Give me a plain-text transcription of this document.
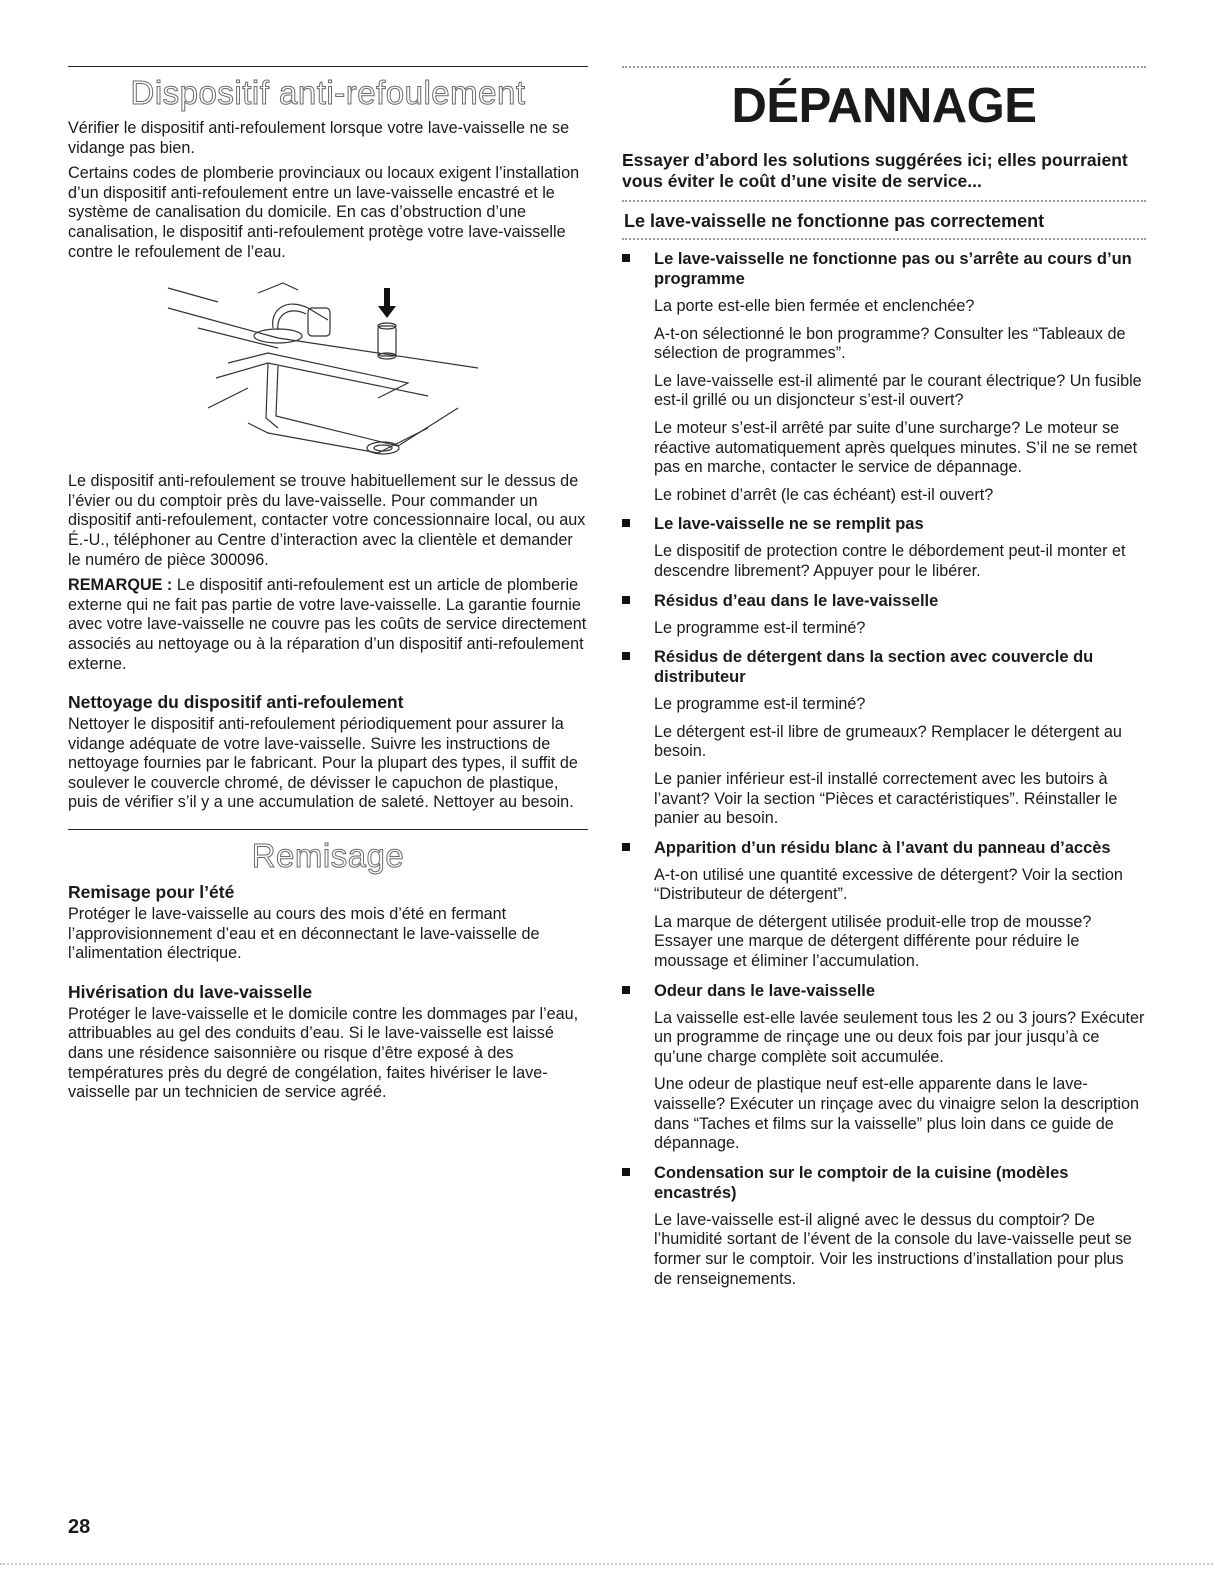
Dispositif anti-refoulement

Vérifier le dispositif anti-refoulement lorsque votre lave-vaisselle ne se vidange pas bien.

Certains codes de plomberie provinciaux ou locaux exigent l’installation d’un dispositif anti-refoulement entre un lave-vaisselle encastré et le système de canalisation du domicile. En cas d’obstruction d’une canalisation, le dispositif anti-refoulement protège votre lave-vaisselle contre le refoulement de l’eau.

Le dispositif anti-refoulement se trouve habituellement sur le dessus de l’évier ou du comptoir près du lave-vaisselle. Pour commander un dispositif anti-refoulement, contacter votre concessionnaire local, ou aux É.-U., téléphoner au Centre d’interaction avec la clientèle et demander le numéro de pièce 300096.

REMARQUE : Le dispositif anti-refoulement est un article de plomberie externe qui ne fait pas partie de votre lave-vaisselle. La garantie fournie avec votre lave-vaisselle ne couvre pas les coûts de service directement associés au nettoyage ou à la réparation d’un dispositif anti-refoulement externe.

Nettoyage du dispositif anti-refoulement

Nettoyer le dispositif anti-refoulement périodiquement pour assurer la vidange adéquate de votre lave-vaisselle. Suivre les instructions de nettoyage fournies par le fabricant. Pour la plupart des types, il suffit de soulever le couvercle chromé, de dévisser le capuchon de plastique, puis de vérifier s’il y a une accumulation de saleté. Nettoyer au besoin.

Remisage
Remisage pour l’été

Protéger le lave-vaisselle au cours des mois d’été en fermant l’approvisionnement d’eau et en déconnectant le lave-vaisselle de l’alimentation électrique.

Hivérisation du lave-vaisselle

Protéger le lave-vaisselle et le domicile contre les dommages par l’eau, attribuables au gel des conduits d’eau. Si le lave-vaisselle est laissé dans une résidence saisonnière ou risque d’être exposé à des températures près du degré de congélation, faites hivériser le lave-vaisselle par un technicien de service agréé.

DÉPANNAGE
Essayer d’abord les solutions suggérées ici; elles pourraient vous éviter le coût d’une visite de service...
Le lave-vaisselle ne fonctionne pas correctement
Le lave-vaisselle ne fonctionne pas ou s’arrête au cours d’un programme

La porte est-elle bien fermée et enclenchée?

A-t-on sélectionné le bon programme? Consulter les “Tableaux de sélection de programmes”.

Le lave-vaisselle est-il alimenté par le courant électrique? Un fusible est-il grillé ou un disjoncteur s’est-il ouvert?

Le moteur s’est-il arrêté par suite d’une surcharge? Le moteur se réactive automatiquement après quelques minutes. S’il ne se remet pas en marche, contacter le service de dépannage.

Le robinet d’arrêt (le cas échéant) est-il ouvert?

Le lave-vaisselle ne se remplit pas

Le dispositif de protection contre le débordement peut-il monter et descendre librement? Appuyer pour le libérer.

Résidus d’eau dans le lave-vaisselle

Le programme est-il terminé?

Résidus de détergent dans la section avec couvercle du distributeur

Le programme est-il terminé?

Le détergent est-il libre de grumeaux? Remplacer le détergent au besoin.

Le panier inférieur est-il installé correctement avec les butoirs à l’avant? Voir la section “Pièces et caractéristiques”. Réinstaller le panier au besoin.

Apparition d’un résidu blanc à l’avant du panneau d’accès

A-t-on utilisé une quantité excessive de détergent? Voir la section “Distributeur de détergent”.

La marque de détergent utilisée produit-elle trop de mousse? Essayer une marque de détergent différente pour réduire le moussage et éliminer l’accumulation.

Odeur dans le lave-vaisselle

La vaisselle est-elle lavée seulement tous les 2 ou 3 jours? Exécuter un programme de rinçage une ou deux fois par jour jusqu’à ce qu’une charge complète soit accumulée.

Une odeur de plastique neuf est-elle apparente dans le lave-vaisselle? Exécuter un rinçage avec du vinaigre selon la description dans “Taches et films sur la vaisselle” plus loin dans ce guide de dépannage.

Condensation sur le comptoir de la cuisine (modèles encastrés)

Le lave-vaisselle est-il aligné avec le dessus du comptoir? De l’humidité sortant de l’évent de la console du lave-vaisselle peut se former sur le comptoir. Voir les instructions d’installation pour plus de renseignements.

28
